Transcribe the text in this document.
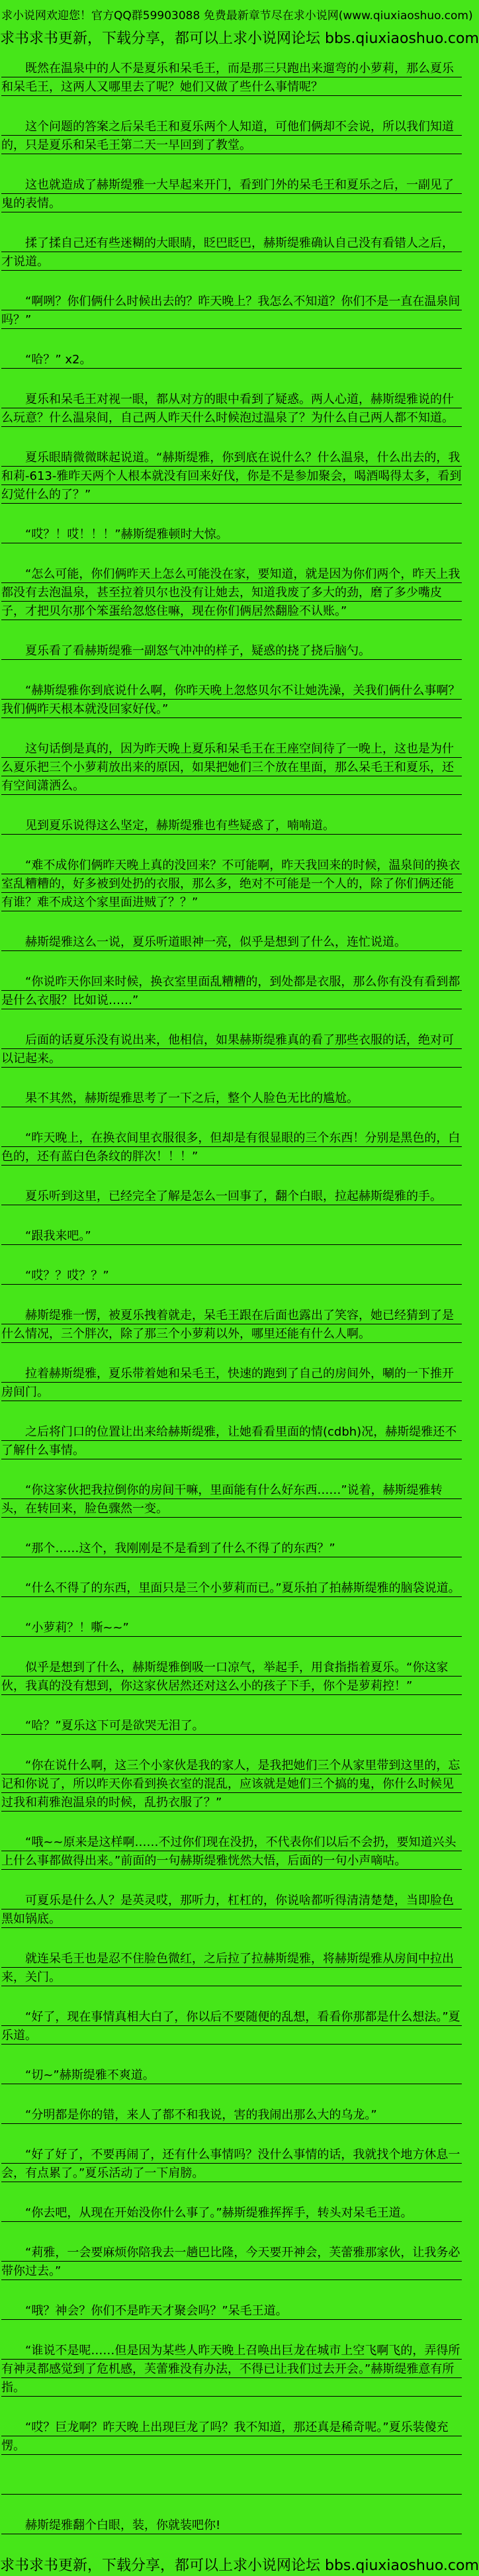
求小说网欢迎您！官方QQ群59903088 免费最新章节尽在求小说网(www.qiuxiaoshuo.com)
求书求书更新，下载分享，都可以上求小说网论坛 bbs.qiuxiaoshuo.com

既然在温泉中的人不是夏乐和呆毛王，而是那三只跑出来遛弯的小萝莉，那么夏乐和呆毛王，这两人又哪里去了呢？她们又做了些什么事情呢？

这个问题的答案之后呆毛王和夏乐两个人知道，可他们俩却不会说，所以我们知道的，只是夏乐和呆毛王第二天一早回到了教堂。

这也就造成了赫斯缇雅一大早起来开门，看到门外的呆毛王和夏乐之后，一副见了鬼的表情。

揉了揉自己还有些迷糊的大眼睛，眨巴眨巴，赫斯缇雅确认自己没有看错人之后，才说道。

“啊咧？你们俩什么时候出去的？昨天晚上？我怎么不知道？你们不是一直在温泉间吗？”

“哈？” x2。

夏乐和呆毛王对视一眼，都从对方的眼中看到了疑惑。两人心道，赫斯缇雅说的什么玩意？什么温泉间，自己两人昨天什么时候泡过温泉了？为什么自己两人都不知道。

夏乐眼睛微微眯起说道。“赫斯缇雅，你到底在说什么？什么温泉，什么出去的，我和莉-613-雅昨天两个人根本就没有回来好伐，你是不是参加聚会，喝酒喝得太多，看到幻觉什么的了？”

“哎？！哎！！！”赫斯缇雅顿时大惊。

“怎么可能，你们俩昨天上怎么可能没在家，要知道，就是因为你们两个，昨天上我都没有去泡温泉，甚至拉着贝尔也没有让她去，知道我废了多大的劲，磨了多少嘴皮子，才把贝尔那个笨蛋给忽悠住嘛，现在你们俩居然翻脸不认账。”

夏乐看了看赫斯缇雅一副怒气冲冲的样子，疑惑的挠了挠后脑勺。

“赫斯缇雅你到底说什么啊，你昨天晚上忽悠贝尔不让她洗澡，关我们俩什么事啊？我们俩昨天根本就没回家好伐。”

这句话倒是真的，因为昨天晚上夏乐和呆毛王在王座空间待了一晚上，这也是为什么夏乐把三个小萝莉放出来的原因，如果把她们三个放在里面，那么呆毛王和夏乐，还有空间潇洒么。

见到夏乐说得这么坚定，赫斯缇雅也有些疑惑了，喃喃道。

“难不成你们俩昨天晚上真的没回来？不可能啊，昨天我回来的时候，温泉间的换衣室乱糟糟的，好多被到处扔的衣服，那么多，绝对不可能是一个人的，除了你们俩还能有谁？难不成这个家里面进贼了？？”

赫斯缇雅这么一说，夏乐听道眼神一亮，似乎是想到了什么，连忙说道。

“你说昨天你回来时候，换衣室里面乱糟糟的，到处都是衣服，那么你有没有看到都是什么衣服？比如说……”

后面的话夏乐没有说出来，他相信，如果赫斯缇雅真的看了那些衣服的话，绝对可以记起来。

果不其然，赫斯缇雅思考了一下之后，整个人脸色无比的尴尬。

“昨天晚上，在换衣间里衣服很多，但却是有很显眼的三个东西！分别是黑色的，白色的，还有蓝白色条纹的胖次！！！”

夏乐听到这里，已经完全了解是怎么一回事了，翻个白眼，拉起赫斯缇雅的手。

“跟我来吧。”

“哎？？哎？？”

赫斯缇雅一愣，被夏乐拽着就走，呆毛王跟在后面也露出了笑容，她已经猜到了是什么情况，三个胖次，除了那三个小萝莉以外，哪里还能有什么人啊。

拉着赫斯缇雅，夏乐带着她和呆毛王，快速的跑到了自己的房间外，唰的一下推开房间门。

之后将门口的位置让出来给赫斯缇雅，让她看看里面的情(cdbh)况，赫斯缇雅还不了解什么事情。

“你这家伙把我拉倒你的房间干嘛，里面能有什么好东西……”说着，赫斯缇雅转头，在转回来，脸色骤然一变。

“那个……这个，我刚刚是不是看到了什么不得了的东西？”

“什么不得了的东西，里面只是三个小萝莉而已。”夏乐拍了拍赫斯缇雅的脑袋说道。

“小萝莉？！嘶~~”

似乎是想到了什么，赫斯缇雅倒吸一口凉气，举起手，用食指指着夏乐。“你这家伙，我真的没有想到，你这家伙居然还对这么小的孩子下手，你个是萝莉控！”

“哈？”夏乐这下可是欲哭无泪了。

“你在说什么啊，这三个小家伙是我的家人，是我把她们三个从家里带到这里的，忘记和你说了，所以昨天你看到换衣室的混乱，应该就是她们三个搞的鬼，你什么时候见过我和莉雅泡温泉的时候，乱扔衣服了？”

“哦~~原来是这样啊……不过你们现在没扔，不代表你们以后不会扔，要知道兴头上什么事都做得出来。”前面的一句赫斯缇雅恍然大悟，后面的一句小声嘀咕。

可夏乐是什么人？是英灵哎，那听力，杠杠的，你说啥都听得清清楚楚，当即脸色黑如锅底。

就连呆毛王也是忍不住脸色微红，之后拉了拉赫斯缇雅，将赫斯缇雅从房间中拉出来，关门。

“好了，现在事情真相大白了，你以后不要随便的乱想，看看你那都是什么想法。”夏乐道。

“切~”赫斯缇雅不爽道。

“分明都是你的错，来人了都不和我说，害的我闹出那么大的乌龙。”

“好了好了，不要再闹了，还有什么事情吗？没什么事情的话，我就找个地方休息一会，有点累了。”夏乐活动了一下肩膀。

“你去吧，从现在开始没你什么事了。”赫斯缇雅挥挥手，转头对呆毛王道。

“莉雅，一会要麻烦你陪我去一趟巴比隆，今天要开神会，芙蕾雅那家伙，让我务必带你过去。”

“哦？神会？你们不是昨天才聚会吗？”呆毛王道。

“谁说不是呢……但是因为某些人昨天晚上召唤出巨龙在城市上空飞啊飞的，弄得所有神灵都感觉到了危机感，芙蕾雅没有办法，不得已让我们过去开会。”赫斯缇雅意有所指。

“哎？巨龙啊？昨天晚上出现巨龙了吗？我不知道，那还真是稀奇呢。”夏乐装傻充愣。

赫斯缇雅翻个白眼，装，你就装吧你!

求书求书更新，下载分享，都可以上求小说网论坛 bbs.qiuxiaoshuo.com
